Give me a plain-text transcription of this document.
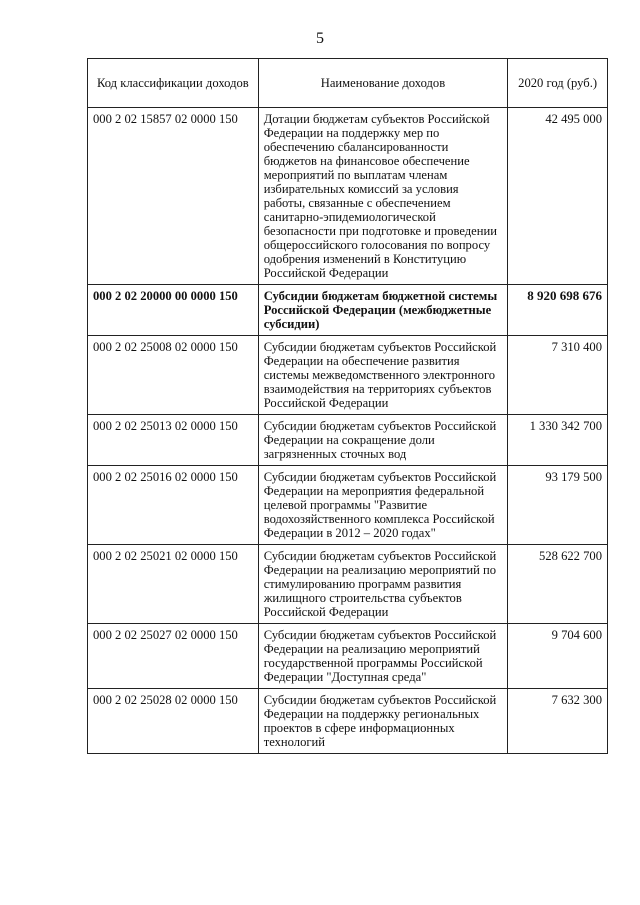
5
Код классификации доходов	Наименование доходов	2020 год (руб.)
000 2 02 15857 02 0000 150	Дотации бюджетам субъектов Российской Федерации на поддержку мер по обеспечению сбалансированности бюджетов на финансовое обеспечение мероприятий по выплатам членам избирательных комиссий за условия работы, связанные с обеспечением санитарно-эпидемиологической безопасности при подготовке и проведении общероссийского голосования по вопросу одобрения изменений в Конституцию Российской Федерации	42 495 000
000 2 02 20000 00 0000 150	Субсидии бюджетам бюджетной системы Российской Федерации (межбюджетные субсидии)	8 920 698 676
000 2 02 25008 02 0000 150	Субсидии бюджетам субъектов Российской Федерации на обеспечение развития системы межведомственного электронного взаимодействия на территориях субъектов Российской Федерации	7 310 400
000 2 02 25013 02 0000 150	Субсидии бюджетам субъектов Российской Федерации на сокращение доли загрязненных сточных вод	1 330 342 700
000 2 02 25016 02 0000 150	Субсидии бюджетам субъектов Российской Федерации на мероприятия федеральной целевой программы "Развитие водохозяйственного комплекса Российской Федерации в 2012 – 2020 годах"	93 179 500
000 2 02 25021 02 0000 150	Субсидии бюджетам субъектов Российской Федерации на реализацию мероприятий по стимулированию программ развития жилищного строительства субъектов Российской Федерации	528 622 700
000 2 02 25027 02 0000 150	Субсидии бюджетам субъектов Российской Федерации на реализацию мероприятий государственной программы Российской Федерации "Доступная среда"	9 704 600
000 2 02 25028 02 0000 150	Субсидии бюджетам субъектов Российской Федерации на поддержку региональных проектов в сфере информационных технологий	7 632 300
